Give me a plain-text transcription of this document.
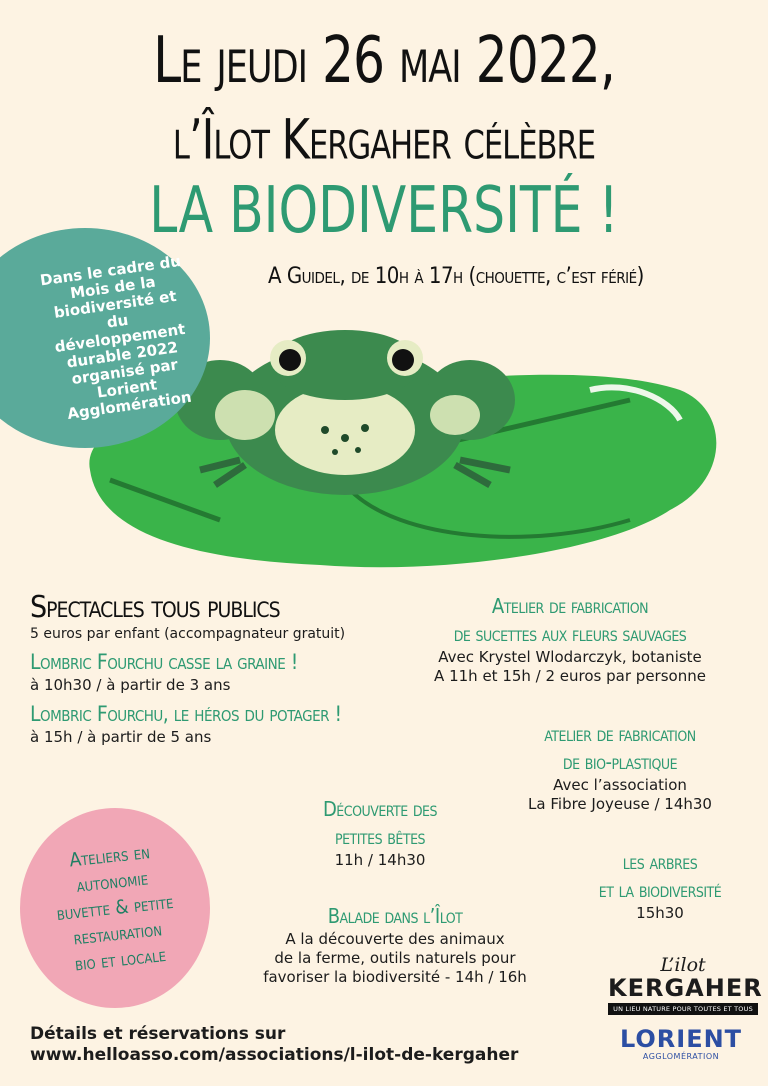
Le jeudi 26 mai 2022,
l’Îlot Kergaher célèbre
LA BIODIVERSITÉ !
A Guidel, de 10h à 17h (chouette, c’est férié)

Dans le cadre du Mois de la biodiversité et du développement durable 2022 organisé par Lorient Agglomération

Spectacles tous publics
5 euros par enfant (accompagnateur gratuit)
Lombric Fourchu casse la graine !
à 10h30 / à partir de 3 ans
Lombric Fourchu, le héros du potager !
à 15h / à partir de 5 ans
Atelier de fabrication
de sucettes aux fleurs sauvages
Avec Krystel Wlodarczyk, botaniste
A 11h et 15h / 2 euros par personne
atelier de fabrication
de bio-plastique
Avec l’association
La Fibre Joyeuse / 14h30
Découverte des
petites bêtes
11h / 14h30	les arbres
et la biodiversité
15h30
Balade dans l’Îlot
A la découverte des animaux
de la ferme, outils naturels pour
favoriser la biodiversité - 14h / 16h

Ateliers en
autonomie
buvette & petite
restauration
bio et locale

Détails et réservations sur
www.helloasso.com/associations/l-ilot-de-kergaher
L’ilot
KERGAHER
UN LIEU NATURE POUR TOUTES ET TOUS
LORIENT
AGGLOMÉRATION
